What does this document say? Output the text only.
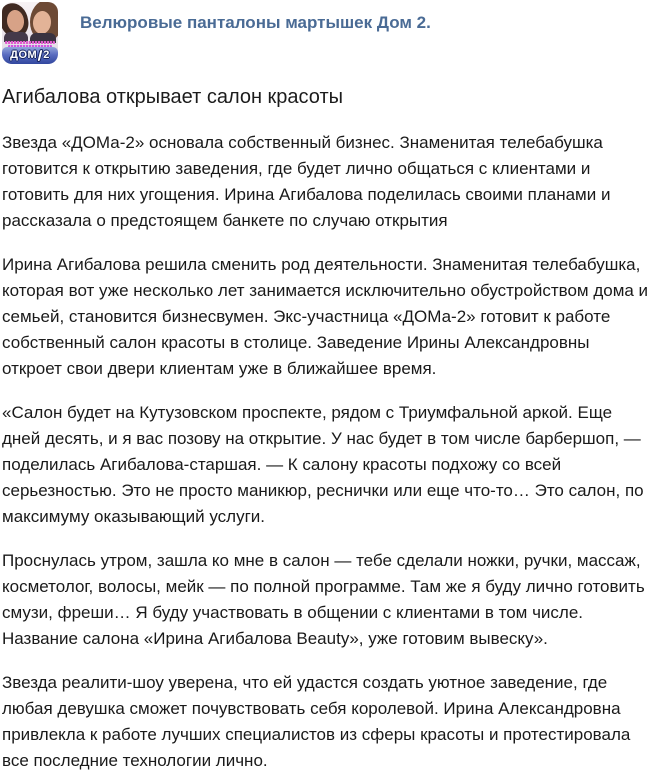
ДОМ 2
Велюровые панталоны мартышек Дом 2.

Агибалова открывает салон красоты

Звезда «ДОМа-2» основала собственный бизнес. Знаменитая телебабушка готовится к открытию заведения, где будет лично общаться с клиентами и готовить для них угощения. Ирина Агибалова поделилась своими планами и рассказала о предстоящем банкете по случаю открытия

Ирина Агибалова решила сменить род деятельности. Знаменитая телебабушка, которая вот уже несколько лет занимается исключительно обустройством дома и семьей, становится бизнесвумен. Экс-участница «ДОМа-2» готовит к работе собственный салон красоты в столице. Заведение Ирины Александровны откроет свои двери клиентам уже в ближайшее время.

«Салон будет на Кутузовском проспекте, рядом с Триумфальной аркой. Еще дней десять, и я вас позову на открытие. У нас будет в том числе барбершоп, — поделилась Агибалова-старшая. — К салону красоты подхожу со всей серьезностью. Это не просто маникюр, реснички или еще что-то… Это салон, по максимуму оказывающий услуги.

Проснулась утром, зашла ко мне в салон — тебе сделали ножки, ручки, массаж, косметолог, волосы, мейк — по полной программе. Там же я буду лично готовить смузи, фреши… Я буду участвовать в общении с клиентами в том числе. Название салона «Ирина Агибалова Beauty», уже готовим вывеску».

Звезда реалити-шоу уверена, что ей удастся создать уютное заведение, где любая девушка сможет почувствовать себя королевой. Ирина Александровна привлекла к работе лучших специалистов из сферы красоты и протестировала все последние технологии лично.
